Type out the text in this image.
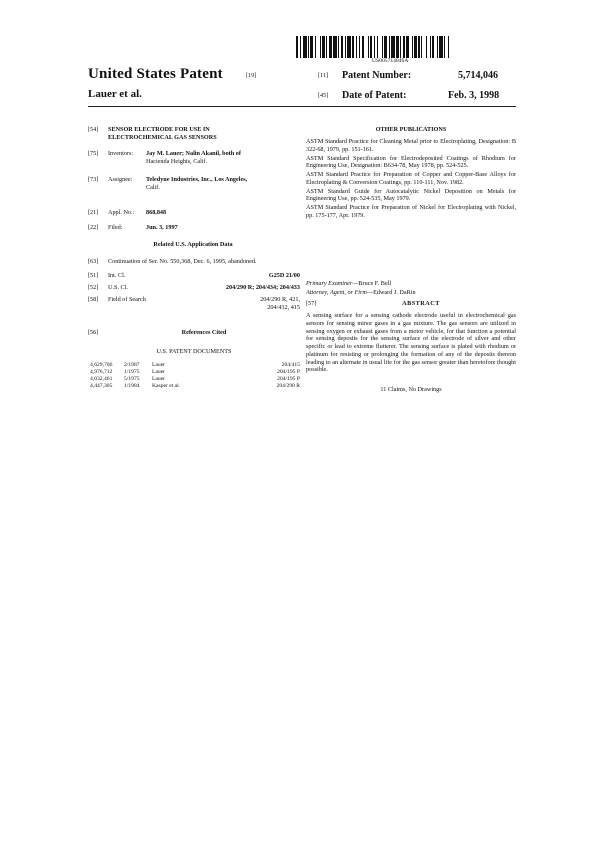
US005714046A
United States Patent	[19]	[11] Patent Number:	5,714,046
[45] Date of Patent:	Feb. 3, 1998
Lauer et al.
[54]	SENSOR ELECTRODE FOR USE IN
ELECTROCHEMICAL GAS SENSORS
[75]	Inventors:	Jay M. Lauer; Nalin Akanil, both of
Hacienda Heights, Calif.
[73]	Assignee:	Teledyne Industries, Inc., Los Angeles,
Calif.
[21]	Appl. No.:	868,848
[22]	Filed:	Jun. 3, 1997
Related U.S. Application Data
[63]	Continuation of Ser. No. 550,368, Dec. 6, 1995, abandoned.
[51]	Int. Cl.	G25D 21/00
[52]	U.S. Cl.	204/290 R; 204/434; 204/433
[58]	Field of Search	204/290 R, 421,
204/432, 415
[56]	References Cited
U.S. PATENT DOCUMENTS
4,629,706	2/1987	Lauer	204/415
4,976,712	1/1975	Lauer	204/195 P
4,032,461	5/1975	Lauer	204/195 P
4,447,305	1/1984	Kasper et al.	204/290 R
OTHER PUBLICATIONS
ASTM Standard Practice for Cleaning Metal prior to Electroplating, Designation: B 322-68, 1979, pp. 151-161.
ASTM Standard Specification for Electrodeposited Coatings of Rhodium for Engineering Use, Designation: B634-78, May 1978, pp. 524-525.
ASTM Standard Practice for Preparation of Copper and Copper-Base Alloys for Electroplating & Conversion Coatings, pp. 110-111, Nov. 1982.
ASTM Standard Guide for Autocatalytic Nickel Deposition on Metals for Engineering Use, pp. 524-535, May 1979.
ASTM Standard Practice for Preparation of Nickel for Electroplating with Nickel, pp. 175-177, Apr. 1979.
Primary Examiner—Bruce F. Bell
Attorney, Agent, or Firm—Edward J. DaRin
[57]	ABSTRACT
A sensing surface for a sensing cathode electrode useful in electrochemical gas sensors for sensing minor gases in a gas mixture. The gas sensors are utilized in sensing oxygen or exhaust gases from a motor vehicle, for that function a potential for sensing deposits for the sensing surface of the electrode of silver and other specific or lead to extreme flutterer. The sensing surface is plated with rhodium or platinum for resisting or prolonging the formation of any of the deposits thereon leading to an alternate in usual life for the gas sensor greater than heretofore thought possible.
11 Claims, No Drawings
